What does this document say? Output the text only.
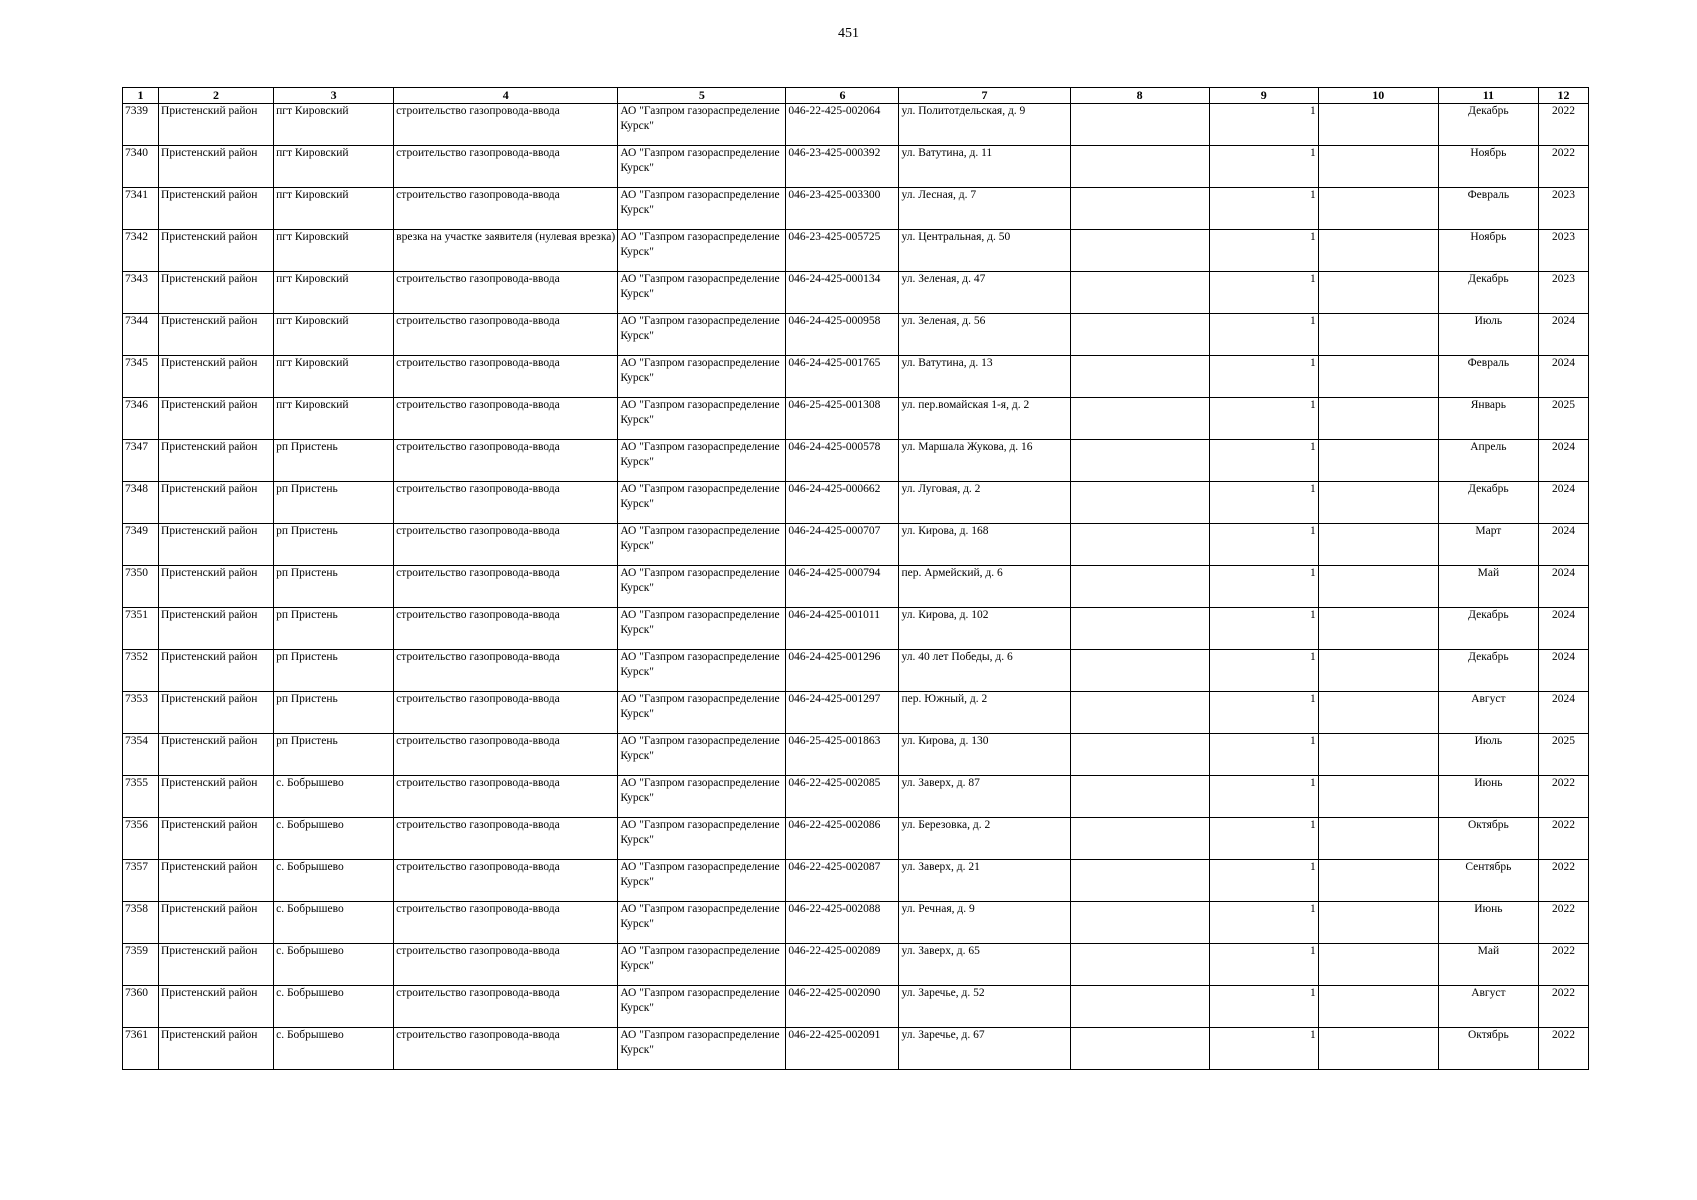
451
1	2	3	4	5	6	7	8	9	10	11	12
7339	Пристенский район	пгт Кировский	строительство газопровода-ввода	АО "Газпром газораспределение Курск"	046-22-425-002064	ул. Политотдельская, д. 9		1		Декабрь	2022
7340	Пристенский район	пгт Кировский	строительство газопровода-ввода	АО "Газпром газораспределение Курск"	046-23-425-000392	ул. Ватутина, д. 11		1		Ноябрь	2022
7341	Пристенский район	пгт Кировский	строительство газопровода-ввода	АО "Газпром газораспределение Курск"	046-23-425-003300	ул. Лесная, д. 7		1		Февраль	2023
7342	Пристенский район	пгт Кировский	врезка на участке заявителя (нулевая врезка)	АО "Газпром газораспределение Курск"	046-23-425-005725	ул. Центральная, д. 50		1		Ноябрь	2023
7343	Пристенский район	пгт Кировский	строительство газопровода-ввода	АО "Газпром газораспределение Курск"	046-24-425-000134	ул. Зеленая, д. 47		1		Декабрь	2023
7344	Пристенский район	пгт Кировский	строительство газопровода-ввода	АО "Газпром газораспределение Курск"	046-24-425-000958	ул. Зеленая, д. 56		1		Июль	2024
7345	Пристенский район	пгт Кировский	строительство газопровода-ввода	АО "Газпром газораспределение Курск"	046-24-425-001765	ул. Ватутина, д. 13		1		Февраль	2024
7346	Пристенский район	пгт Кировский	строительство газопровода-ввода	АО "Газпром газораспределение Курск"	046-25-425-001308	ул. пер.вомайская 1-я, д. 2		1		Январь	2025
7347	Пристенский район	рп Пристень	строительство газопровода-ввода	АО "Газпром газораспределение Курск"	046-24-425-000578	ул. Маршала Жукова, д. 16		1		Апрель	2024
7348	Пристенский район	рп Пристень	строительство газопровода-ввода	АО "Газпром газораспределение Курск"	046-24-425-000662	ул. Луговая, д. 2		1		Декабрь	2024
7349	Пристенский район	рп Пристень	строительство газопровода-ввода	АО "Газпром газораспределение Курск"	046-24-425-000707	ул. Кирова, д. 168		1		Март	2024
7350	Пристенский район	рп Пристень	строительство газопровода-ввода	АО "Газпром газораспределение Курск"	046-24-425-000794	пер. Армейский, д. 6		1		Май	2024
7351	Пристенский район	рп Пристень	строительство газопровода-ввода	АО "Газпром газораспределение Курск"	046-24-425-001011	ул. Кирова, д. 102		1		Декабрь	2024
7352	Пристенский район	рп Пристень	строительство газопровода-ввода	АО "Газпром газораспределение Курск"	046-24-425-001296	ул. 40 лет Победы, д. 6		1		Декабрь	2024
7353	Пристенский район	рп Пристень	строительство газопровода-ввода	АО "Газпром газораспределение Курск"	046-24-425-001297	пер. Южный, д. 2		1		Август	2024
7354	Пристенский район	рп Пристень	строительство газопровода-ввода	АО "Газпром газораспределение Курск"	046-25-425-001863	ул. Кирова, д. 130		1		Июль	2025
7355	Пристенский район	с. Бобрышево	строительство газопровода-ввода	АО "Газпром газораспределение Курск"	046-22-425-002085	ул. Заверх, д. 87		1		Июнь	2022
7356	Пристенский район	с. Бобрышево	строительство газопровода-ввода	АО "Газпром газораспределение Курск"	046-22-425-002086	ул. Березовка, д. 2		1		Октябрь	2022
7357	Пристенский район	с. Бобрышево	строительство газопровода-ввода	АО "Газпром газораспределение Курск"	046-22-425-002087	ул. Заверх, д. 21		1		Сентябрь	2022
7358	Пристенский район	с. Бобрышево	строительство газопровода-ввода	АО "Газпром газораспределение Курск"	046-22-425-002088	ул. Речная, д. 9		1		Июнь	2022
7359	Пристенский район	с. Бобрышево	строительство газопровода-ввода	АО "Газпром газораспределение Курск"	046-22-425-002089	ул. Заверх, д. 65		1		Май	2022
7360	Пристенский район	с. Бобрышево	строительство газопровода-ввода	АО "Газпром газораспределение Курск"	046-22-425-002090	ул. Заречье, д. 52		1		Август	2022
7361	Пристенский район	с. Бобрышево	строительство газопровода-ввода	АО "Газпром газораспределение Курск"	046-22-425-002091	ул. Заречье, д. 67		1		Октябрь	2022
